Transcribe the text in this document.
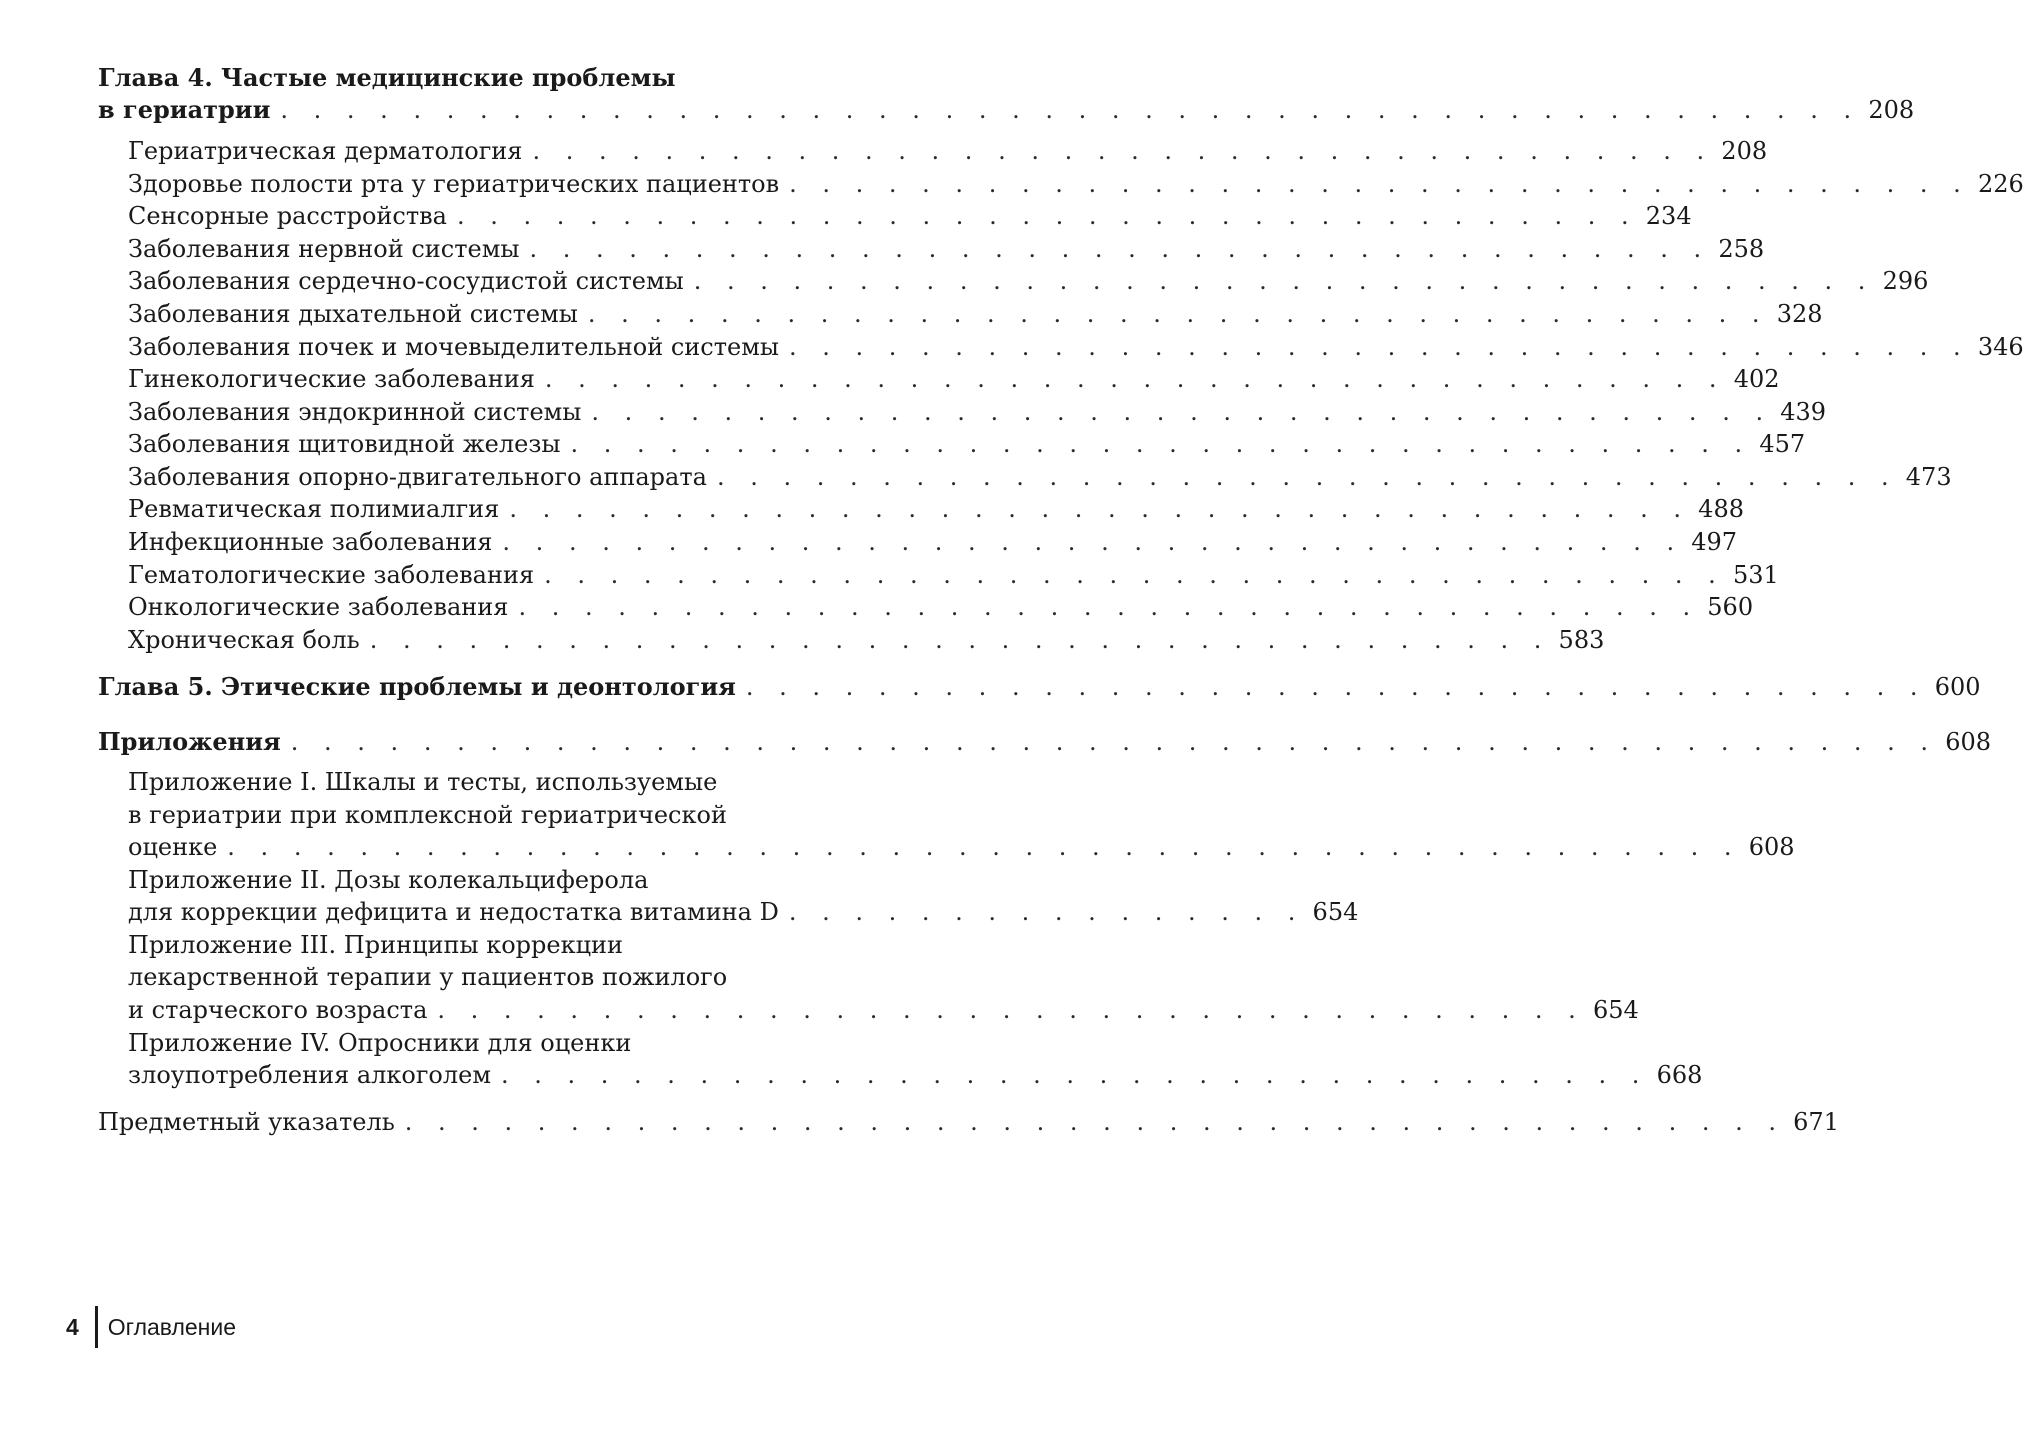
Глава 4. Частые медицинские проблемы
в гериатрии . . . . . . . . . . . . . . . . . . . . . . . . . . . . . . . . . . . . . . . . . . . . . . . . 208
Гериатрическая дерматология . . . . . . . . . . . . . . . . . . . . . . . . . . . . . . . . . . . . 208
Здоровье полости рта у гериатрических пациентов . . . . . . . . . . . . . . . . . . . . . . . . . . . . . . . . . . . . 226
Сенсорные расстройства . . . . . . . . . . . . . . . . . . . . . . . . . . . . . . . . . . . . 234
Заболевания нервной системы . . . . . . . . . . . . . . . . . . . . . . . . . . . . . . . . . . . . 258
Заболевания сердечно-сосудистой системы . . . . . . . . . . . . . . . . . . . . . . . . . . . . . . . . . . . . 296
Заболевания дыхательной системы . . . . . . . . . . . . . . . . . . . . . . . . . . . . . . . . . . . . 328
Заболевания почек и мочевыделительной системы . . . . . . . . . . . . . . . . . . . . . . . . . . . . . . . . . . . . 346
Гинекологические заболевания . . . . . . . . . . . . . . . . . . . . . . . . . . . . . . . . . . . . 402
Заболевания эндокринной системы . . . . . . . . . . . . . . . . . . . . . . . . . . . . . . . . . . . . 439
Заболевания щитовидной железы . . . . . . . . . . . . . . . . . . . . . . . . . . . . . . . . . . . . 457
Заболевания опорно-двигательного аппарата . . . . . . . . . . . . . . . . . . . . . . . . . . . . . . . . . . . . 473
Ревматическая полимиалгия . . . . . . . . . . . . . . . . . . . . . . . . . . . . . . . . . . . . 488
Инфекционные заболевания . . . . . . . . . . . . . . . . . . . . . . . . . . . . . . . . . . . . 497
Гематологические заболевания . . . . . . . . . . . . . . . . . . . . . . . . . . . . . . . . . . . . 531
Онкологические заболевания . . . . . . . . . . . . . . . . . . . . . . . . . . . . . . . . . . . . 560
Хроническая боль . . . . . . . . . . . . . . . . . . . . . . . . . . . . . . . . . . . . 583
Глава 5. Этические проблемы и деонтология . . . . . . . . . . . . . . . . . . . . . . . . . . . . . . . . . . . . 600
Приложения . . . . . . . . . . . . . . . . . . . . . . . . . . . . . . . . . . . . . . . . . . . . . . . . . . 608
Приложение I. Шкалы и тесты, используемые
в гериатрии при комплексной гериатрической
оценке . . . . . . . . . . . . . . . . . . . . . . . . . . . . . . . . . . . . . . . . . . . . . . 608
Приложение II. Дозы колекальциферола
для коррекции дефицита и недостатка витамина D . . . . . . . . . . . . . . . . 654
Приложение III. Принципы коррекции
лекарственной терапии у пациентов пожилого
и старческого возраста . . . . . . . . . . . . . . . . . . . . . . . . . . . . . . . . . . . 654
Приложение IV. Опросники для оценки
злоупотребления алкоголем . . . . . . . . . . . . . . . . . . . . . . . . . . . . . . . . . . . 668
Предметный указатель . . . . . . . . . . . . . . . . . . . . . . . . . . . . . . . . . . . . . . . . . . 671
4 Оглавление
